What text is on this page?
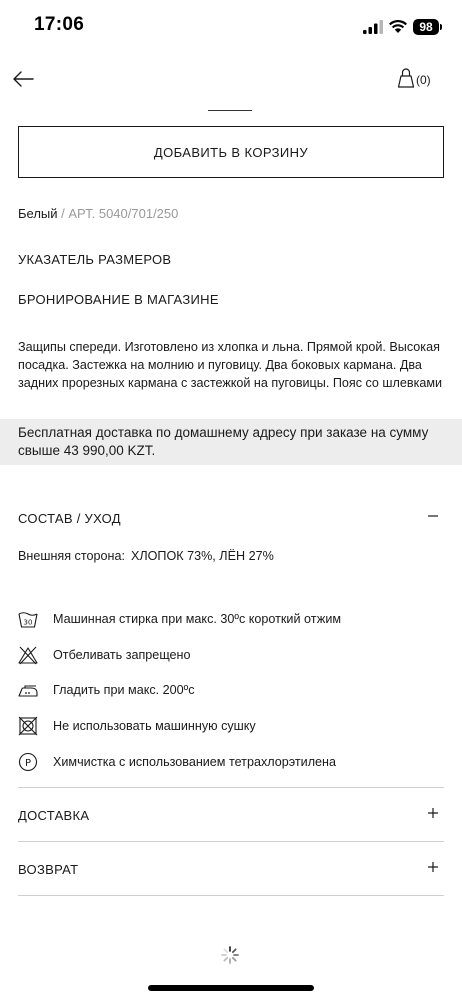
17:06	98
(0)
ДОБАВИТЬ В КОРЗИНУ
Белый / АРТ. 5040/701/250
УКАЗАТЕЛЬ РАЗМЕРОВ
БРОНИРОВАНИЕ В МАГАЗИНЕ

Защипы спереди. Изготовлено из хлопка и льна. Прямой крой. Высокая посадка. Застежка на молнию и пуговицу. Два боковых кармана. Два задних прорезных кармана с застежкой на пуговицы. Пояс со шлевками

Бесплатная доставка по домашнему адресу при заказе на сумму свыше 43 990,00 KZT.
СОСТАВ / УХОД
Внешняя сторона: ХЛОПОК 73%, ЛЁН 27%
30 Машинная стирка при макс. 30ºc короткий отжим
Отбеливать запрещено
Гладить при макс. 200ºc
Не использовать машинную сушку
P Химчистка с использованием тетрахлорэтилена
ДОСТАВКА
ВОЗВРАТ
